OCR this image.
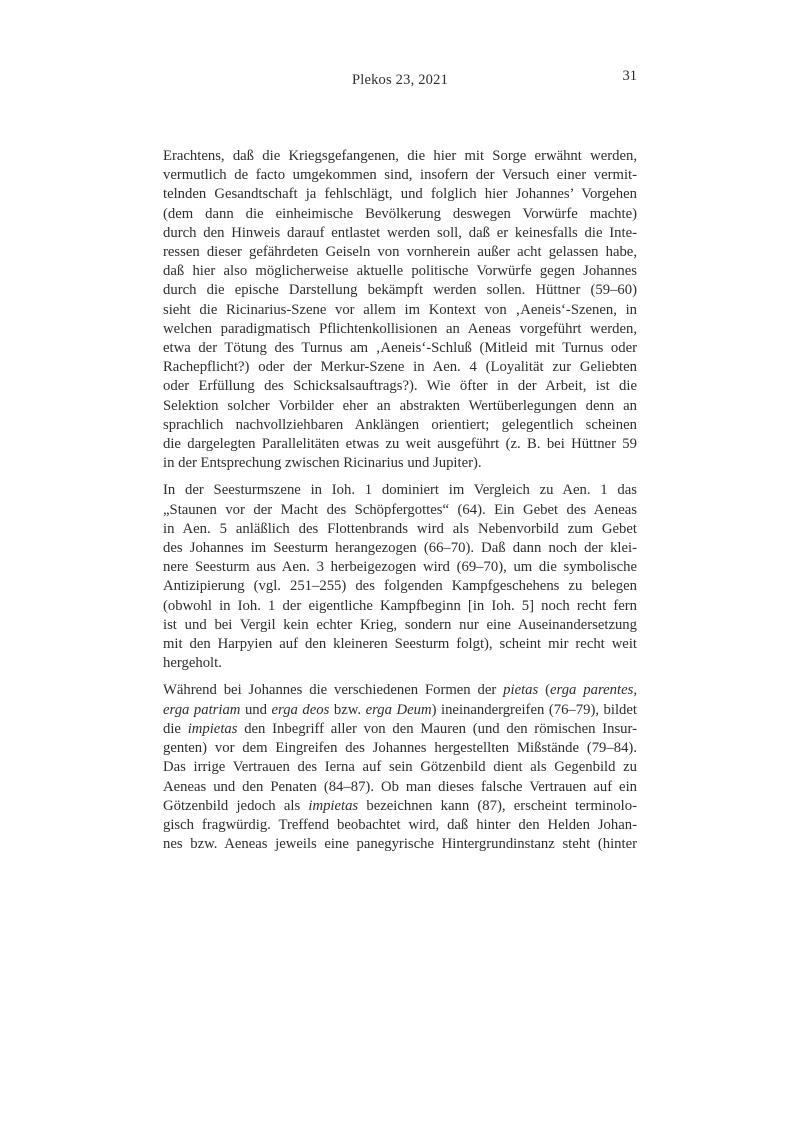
Plekos 23, 2021	31
Erachtens, daß die Kriegsgefangenen, die hier mit Sorge erwähnt werden,
vermutlich de facto umgekommen sind, insofern der Versuch einer vermit-
telnden Gesandtschaft ja fehlschlägt, und folglich hier Johannes’ Vorgehen
(dem dann die einheimische Bevölkerung deswegen Vorwürfe machte)
durch den Hinweis darauf entlastet werden soll, daß er keinesfalls die Inte-
ressen dieser gefährdeten Geiseln von vornherein außer acht gelassen habe,
daß hier also möglicherweise aktuelle politische Vorwürfe gegen Johannes
durch die epische Darstellung bekämpft werden sollen. Hüttner (59–60)
sieht die Ricinarius-Szene vor allem im Kontext von ‚Aeneis‘-Szenen, in
welchen paradigmatisch Pflichtenkollisionen an Aeneas vorgeführt werden,
etwa der Tötung des Turnus am ‚Aeneis‘-Schluß (Mitleid mit Turnus oder
Rachepflicht?) oder der Merkur-Szene in Aen. 4 (Loyalität zur Geliebten
oder Erfüllung des Schicksalsauftrags?). Wie öfter in der Arbeit, ist die
Selektion solcher Vorbilder eher an abstrakten Wertüberlegungen denn an
sprachlich nachvollziehbaren Anklängen orientiert; gelegentlich scheinen
die dargelegten Parallelitäten etwas zu weit ausgeführt (z. B. bei Hüttner 59
in der Entsprechung zwischen Ricinarius und Jupiter).
In der Seesturmszene in Ioh. 1 dominiert im Vergleich zu Aen. 1 das
„Staunen vor der Macht des Schöpfergottes“ (64). Ein Gebet des Aeneas
in Aen. 5 anläßlich des Flottenbrands wird als Nebenvorbild zum Gebet
des Johannes im Seesturm herangezogen (66–70). Daß dann noch der klei-
nere Seesturm aus Aen. 3 herbeigezogen wird (69–70), um die symbolische
Antizipierung (vgl. 251–255) des folgenden Kampfgeschehens zu belegen
(obwohl in Ioh. 1 der eigentliche Kampfbeginn [in Ioh. 5] noch recht fern
ist und bei Vergil kein echter Krieg, sondern nur eine Auseinandersetzung
mit den Harpyien auf den kleineren Seesturm folgt), scheint mir recht weit
hergeholt.
Während bei Johannes die verschiedenen Formen der pietas (erga parentes,
erga patriam und erga deos bzw. erga Deum) ineinandergreifen (76–79), bildet
die impietas den Inbegriff aller von den Mauren (und den römischen Insur-
genten) vor dem Eingreifen des Johannes hergestellten Mißstände (79–84).
Das irrige Vertrauen des Ierna auf sein Götzenbild dient als Gegenbild zu
Aeneas und den Penaten (84–87). Ob man dieses falsche Vertrauen auf ein
Götzenbild jedoch als impietas bezeichnen kann (87), erscheint terminolo-
gisch fragwürdig. Treffend beobachtet wird, daß hinter den Helden Johan-
nes bzw. Aeneas jeweils eine panegyrische Hintergrundinstanz steht (hinter
